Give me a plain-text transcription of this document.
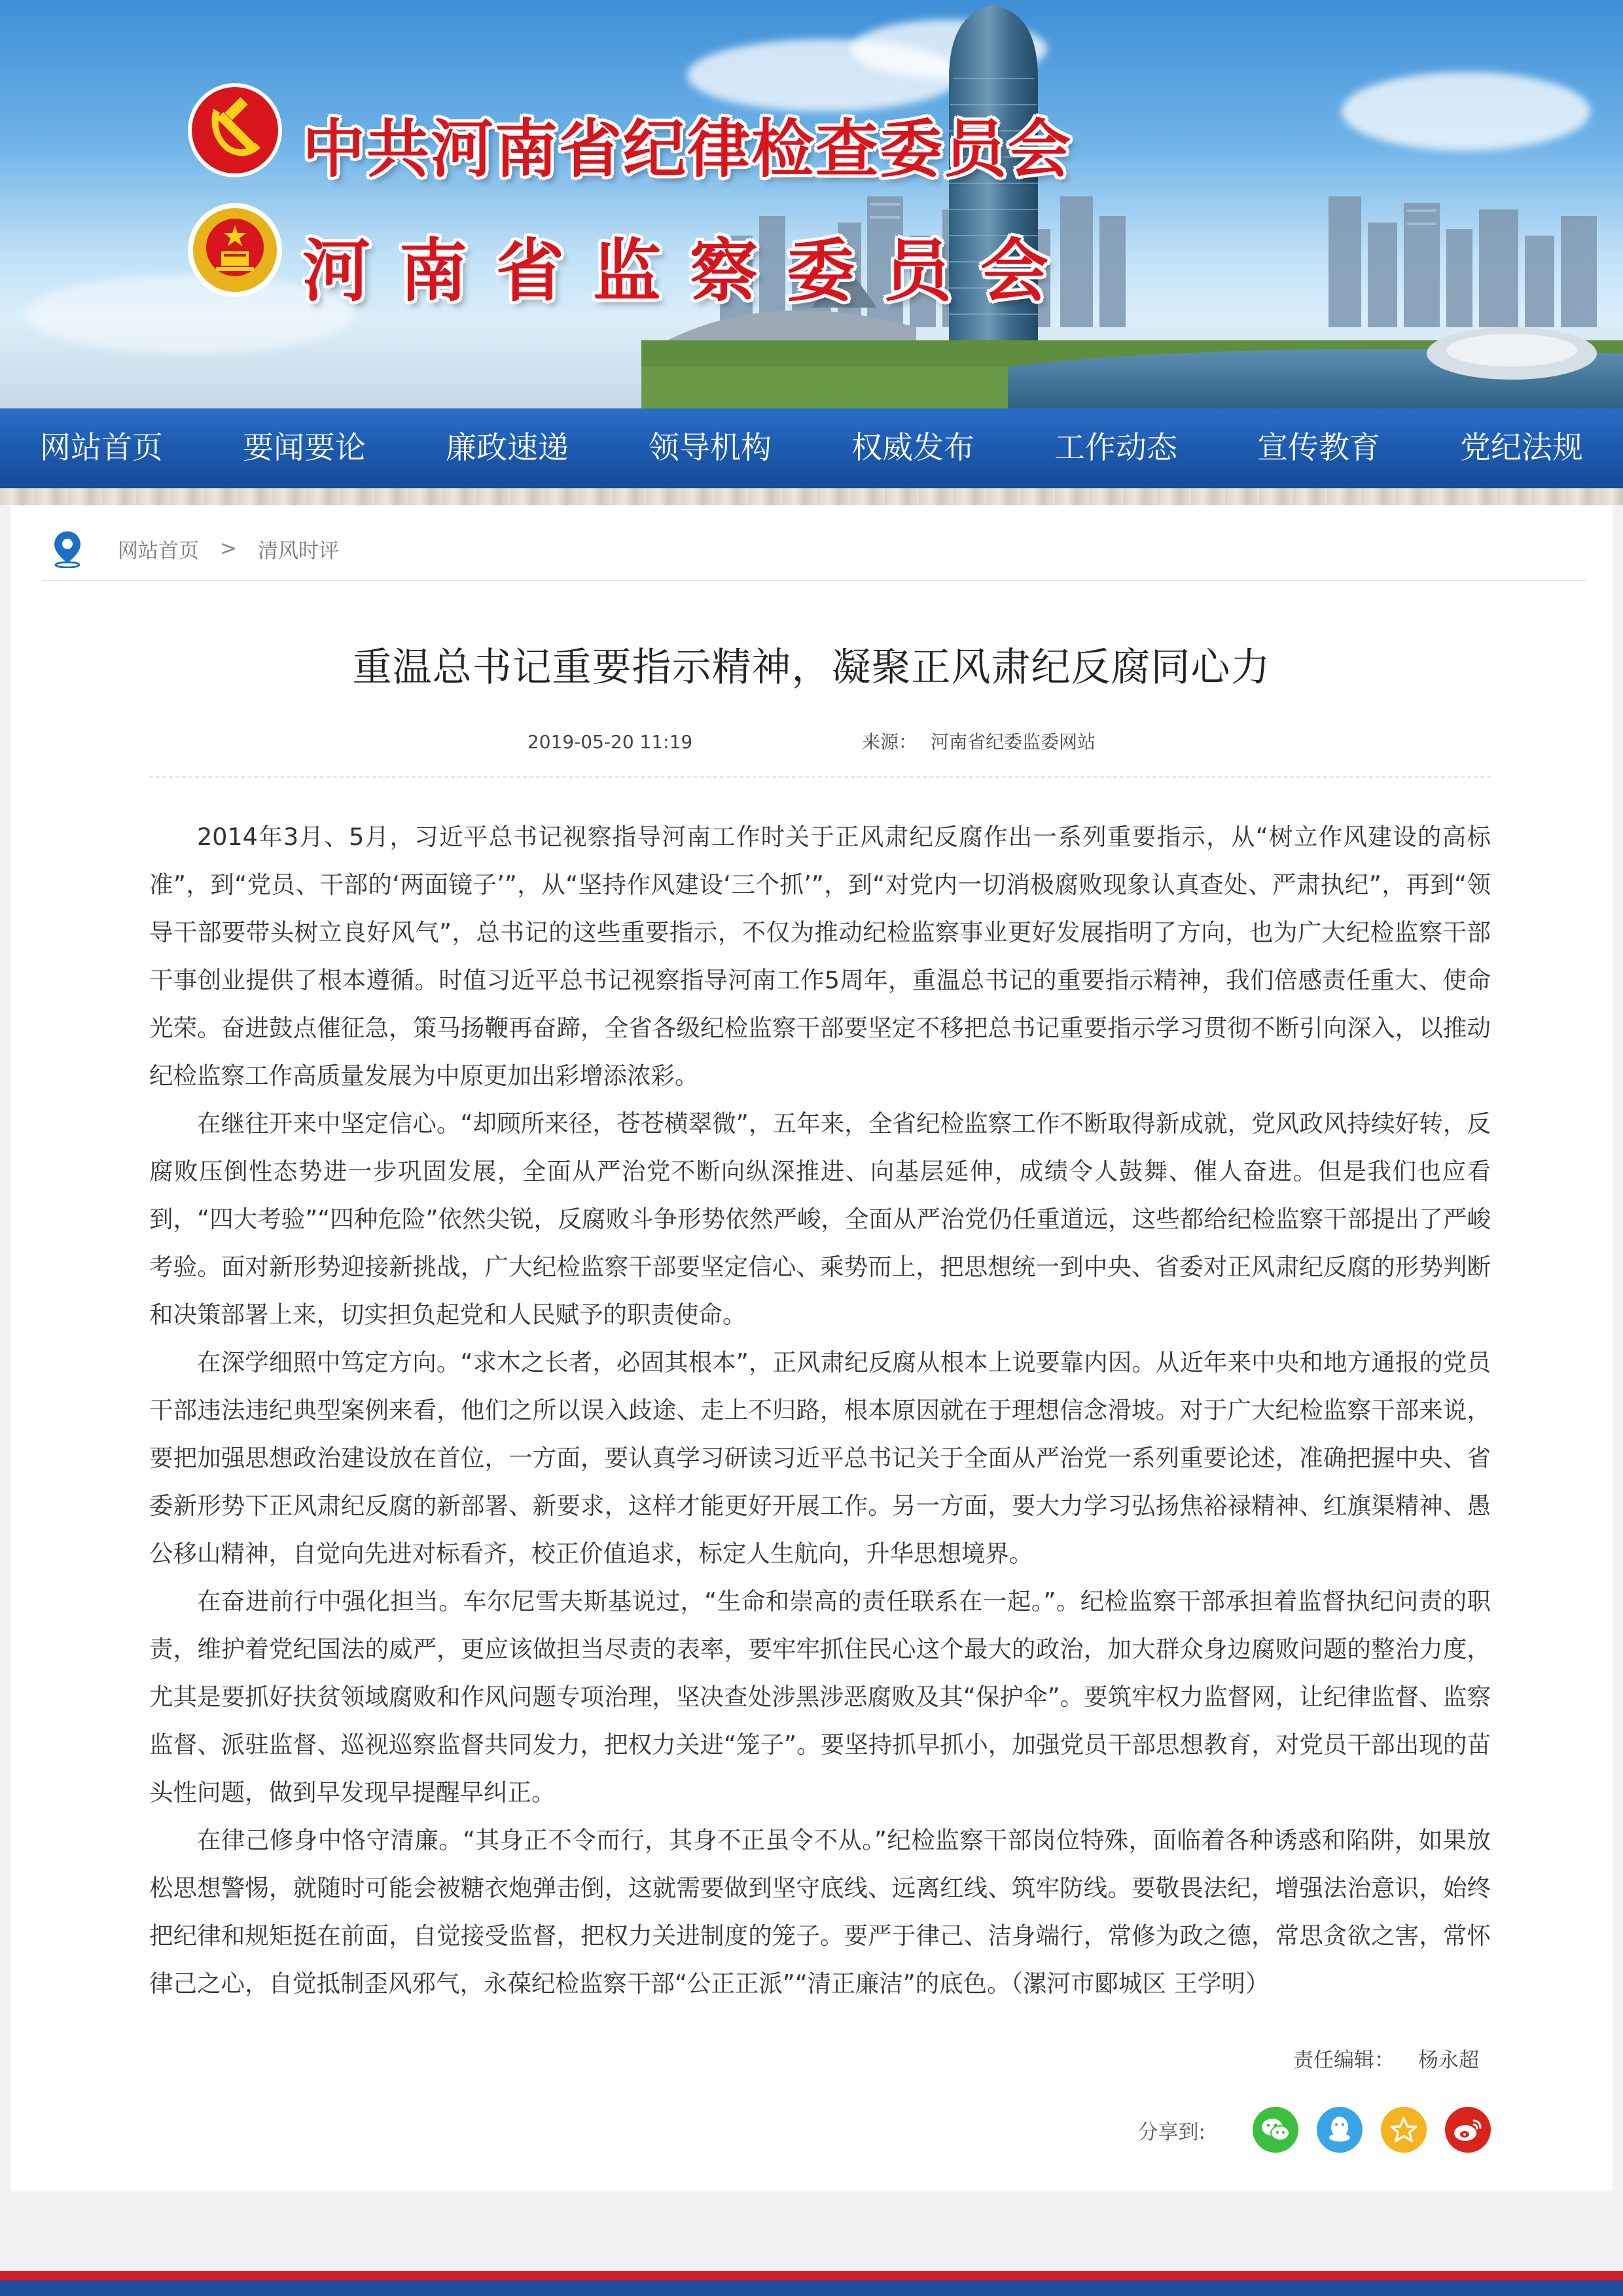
中共河南省纪律检查委员会
河南省监察委员会
网站首页	要闻要论	廉政速递	领导机构	权威发布	工作动态	宣传教育	党纪法规
网站首页 > 清风时评
重温总书记重要指示精神，凝聚正风肃纪反腐同心力
2019-05-20 11:19	来源： 河南省纪委监委网站

2014年3月、5月，习近平总书记视察指导河南工作时关于正风肃纪反腐作出一系列重要指示，从“树立作风建设的高标准”，到“党员、干部的‘两面镜子’”，从“坚持作风建设‘三个抓’”，到“对党内一切消极腐败现象认真查处、严肃执纪”，再到“领导干部要带头树立良好风气”，总书记的这些重要指示，不仅为推动纪检监察事业更好发展指明了方向，也为广大纪检监察干部干事创业提供了根本遵循。时值习近平总书记视察指导河南工作5周年，重温总书记的重要指示精神，我们倍感责任重大、使命光荣。奋进鼓点催征急，策马扬鞭再奋蹄，全省各级纪检监察干部要坚定不移把总书记重要指示学习贯彻不断引向深入，以推动纪检监察工作高质量发展为中原更加出彩增添浓彩。

在继往开来中坚定信心。“却顾所来径，苍苍横翠微”，五年来，全省纪检监察工作不断取得新成就，党风政风持续好转，反腐败压倒性态势进一步巩固发展，全面从严治党不断向纵深推进、向基层延伸，成绩令人鼓舞、催人奋进。但是我们也应看到，“四大考验”“四种危险”依然尖锐，反腐败斗争形势依然严峻，全面从严治党仍任重道远，这些都给纪检监察干部提出了严峻考验。面对新形势迎接新挑战，广大纪检监察干部要坚定信心、乘势而上，把思想统一到中央、省委对正风肃纪反腐的形势判断和决策部署上来，切实担负起党和人民赋予的职责使命。

在深学细照中笃定方向。“求木之长者，必固其根本”，正风肃纪反腐从根本上说要靠内因。从近年来中央和地方通报的党员干部违法违纪典型案例来看，他们之所以误入歧途、走上不归路，根本原因就在于理想信念滑坡。对于广大纪检监察干部来说，要把加强思想政治建设放在首位，一方面，要认真学习研读习近平总书记关于全面从严治党一系列重要论述，准确把握中央、省委新形势下正风肃纪反腐的新部署、新要求，这样才能更好开展工作。另一方面，要大力学习弘扬焦裕禄精神、红旗渠精神、愚公移山精神，自觉向先进对标看齐，校正价值追求，标定人生航向，升华思想境界。

在奋进前行中强化担当。车尔尼雪夫斯基说过，“生命和崇高的责任联系在一起。”。纪检监察干部承担着监督执纪问责的职责，维护着党纪国法的威严，更应该做担当尽责的表率，要牢牢抓住民心这个最大的政治，加大群众身边腐败问题的整治力度，尤其是要抓好扶贫领域腐败和作风问题专项治理，坚决查处涉黑涉恶腐败及其“保护伞”。要筑牢权力监督网，让纪律监督、监察监督、派驻监督、巡视巡察监督共同发力，把权力关进“笼子”。要坚持抓早抓小，加强党员干部思想教育，对党员干部出现的苗头性问题，做到早发现早提醒早纠正。

在律己修身中恪守清廉。“其身正不令而行，其身不正虽令不从。”纪检监察干部岗位特殊，面临着各种诱惑和陷阱，如果放松思想警惕，就随时可能会被糖衣炮弹击倒，这就需要做到坚守底线、远离红线、筑牢防线。要敬畏法纪，增强法治意识，始终把纪律和规矩挺在前面，自觉接受监督，把权力关进制度的笼子。要严于律己、洁身端行，常修为政之德，常思贪欲之害，常怀律己之心，自觉抵制歪风邪气，永葆纪检监察干部“公正正派”“清正廉洁”的底色。（漯河市郾城区 王学明）

责任编辑： 杨永超
分享到:
